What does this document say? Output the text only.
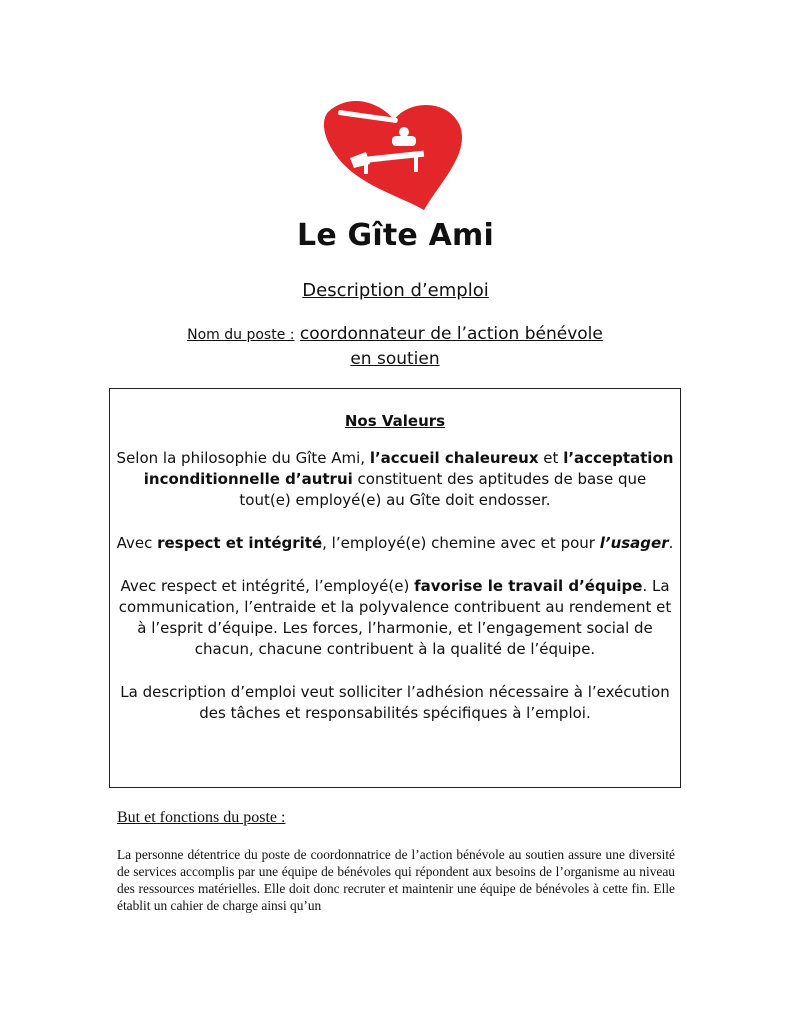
Le Gîte Ami
Description d’emploi
Nom du poste : coordonnateur de l’action bénévole
en soutien
Nos Valeurs

Selon la philosophie du Gîte Ami, l’accueil chaleureux et l’acceptation inconditionnelle d’autrui constituent des aptitudes de base que tout(e) employé(e) au Gîte doit endosser.

Avec respect et intégrité, l’employé(e) chemine avec et pour l’usager.

Avec respect et intégrité, l’employé(e) favorise le travail d’équipe. La communication, l’entraide et la polyvalence contribuent au rendement et à l’esprit d’équipe. Les forces, l’harmonie, et l’engagement social de chacun, chacune contribuent à la qualité de l’équipe.

La description d’emploi veut solliciter l’adhésion nécessaire à l’exécution des tâches et responsabilités spécifiques à l’emploi.

But et fonctions du poste :
La personne détentrice du poste de coordonnatrice de l’action bénévole au soutien assure une diversité de services accomplis par une équipe de bénévoles qui répondent aux besoins de l’organisme au niveau des ressources matérielles. Elle doit donc recruter et maintenir une équipe de bénévoles à cette fin. Elle établit un cahier de charge ainsi qu’un
